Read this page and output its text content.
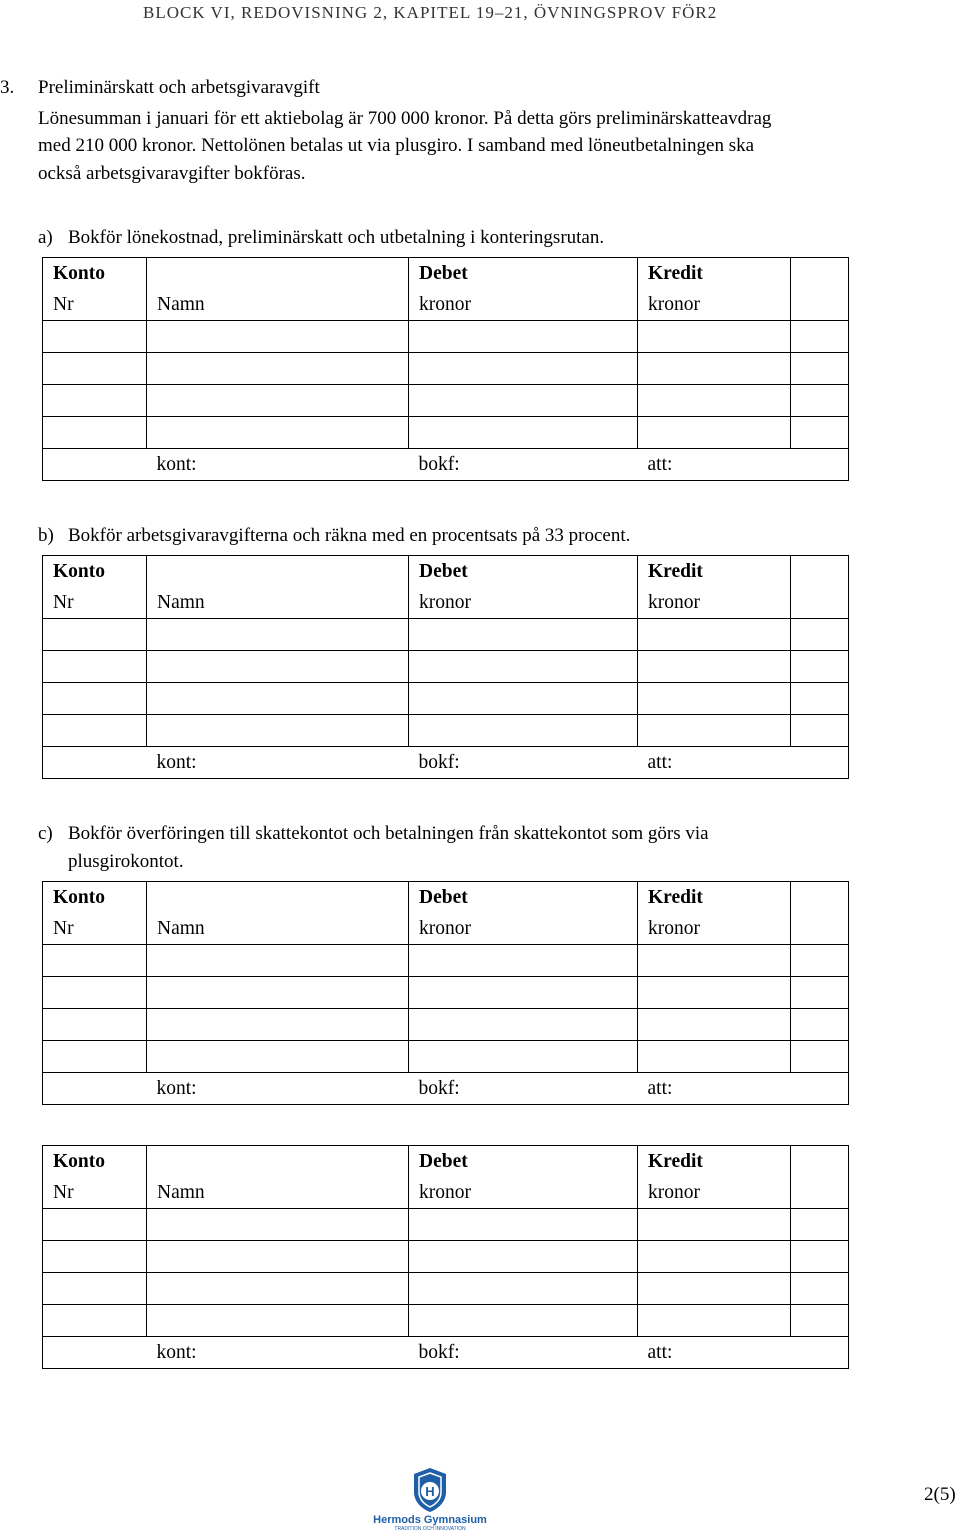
BLOCK VI, REDOVISNING 2, KAPITEL 19–21, ÖVNINGSPROV FÖR2
3. Preliminärskatt och arbetsgivaravgift
Lönesumman i januari för ett aktiebolag är 700 000 kronor. På detta görs preliminärskatteavdrag
med 210 000 kronor. Nettolönen betalas ut via plusgiro. I samband med löneutbetalningen ska
också arbetsgivaravgifter bokföras.
a) Bokför lönekostnad, preliminärskatt och utbetalning i konteringsrutan.
b) Bokför arbetsgivaravgifterna och räkna med en procentsats på 33 procent.
c) Bokför överföringen till skattekontot och betalningen från skattekontot som görs via
plusgirokontot.
Konto		Debet	Kredit	
Nr	Namn	kronor	kronor	

	kont:	bokf:	att:	
Konto		Debet	Kredit	
Nr	Namn	kronor	kronor	

	kont:	bokf:	att:	
Konto		Debet	Kredit	
Nr	Namn	kronor	kronor	

	kont:	bokf:	att:	
Konto		Debet	Kredit	
Nr	Namn	kronor	kronor	

	kont:	bokf:	att:	
H
Hermods Gymnasium
TRADITION OCH INNOVATION
2(5)
